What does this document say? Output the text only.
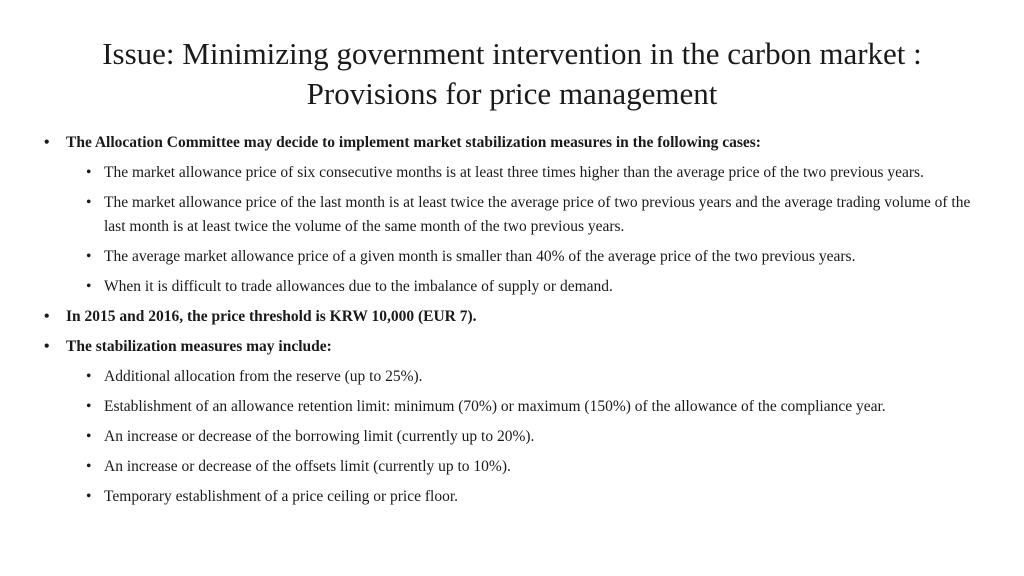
Issue: Minimizing government intervention in the carbon market :
Provisions for price management
• The Allocation Committee may decide to implement market stabilization measures in the following cases:
• The market allowance price of six consecutive months is at least three times higher than the average price of the two previous years.
• The market allowance price of the last month is at least twice the average price of two previous years and the average trading volume of the last month is at least twice the volume of the same month of the two previous years.
• The average market allowance price of a given month is smaller than 40% of the average price of the two previous years.
• When it is difficult to trade allowances due to the imbalance of supply or demand.
• In 2015 and 2016, the price threshold is KRW 10,000 (EUR 7).
• The stabilization measures may include:
• Additional allocation from the reserve (up to 25%).
• Establishment of an allowance retention limit: minimum (70%) or maximum (150%) of the allowance of the compliance year.
• An increase or decrease of the borrowing limit (currently up to 20%).
• An increase or decrease of the offsets limit (currently up to 10%).
• Temporary establishment of a price ceiling or price floor.
